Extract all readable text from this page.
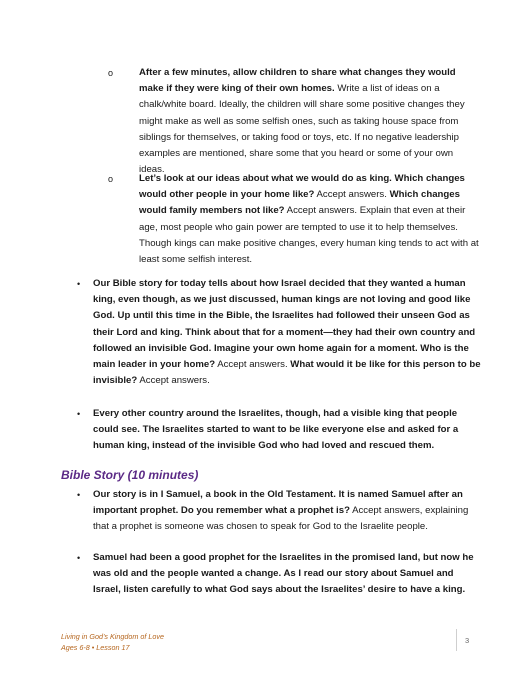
o	After a few minutes, allow children to share what changes they would make if they were king of their own homes. Write a list of ideas on a chalk/white board. Ideally, the children will share some positive changes they might make as well as some selfish ones, such as taking house space from siblings for themselves, or taking food or toys, etc. If no negative leadership examples are mentioned, share some that you heard or some of your own ideas.

o	Let’s look at our ideas about what we would do as king. Which changes would other people in your home like? Accept answers. Which changes would family members not like? Accept answers. Explain that even at their age, most people who gain power are tempted to use it to help themselves. Though kings can make positive changes, every human king tends to act with at least some selfish interest.

• Our Bible story for today tells about how Israel decided that they wanted a human king, even though, as we just discussed, human kings are not loving and good like God. Up until this time in the Bible, the Israelites had followed their unseen God as their Lord and king. Think about that for a moment—they had their own country and followed an invisible God. Imagine your own home again for a moment. Who is the main leader in your home? Accept answers. What would it be like for this person to be invisible? Accept answers.

• Every other country around the Israelites, though, had a visible king that people could see. The Israelites started to want to be like everyone else and asked for a human king, instead of the invisible God who had loved and rescued them.

Bible Story (10 minutes)
• Our story is in I Samuel, a book in the Old Testament. It is named Samuel after an important prophet. Do you remember what a prophet is? Accept answers, explaining that a prophet is someone was chosen to speak for God to the Israelite people.

• Samuel had been a good prophet for the Israelites in the promised land, but now he was old and the people wanted a change. As I read our story about Samuel and Israel, listen carefully to what God says about the Israelites’ desire to have a king.

Living in God’s Kingdom of Love
Ages 6-8 • Lesson 17
3
